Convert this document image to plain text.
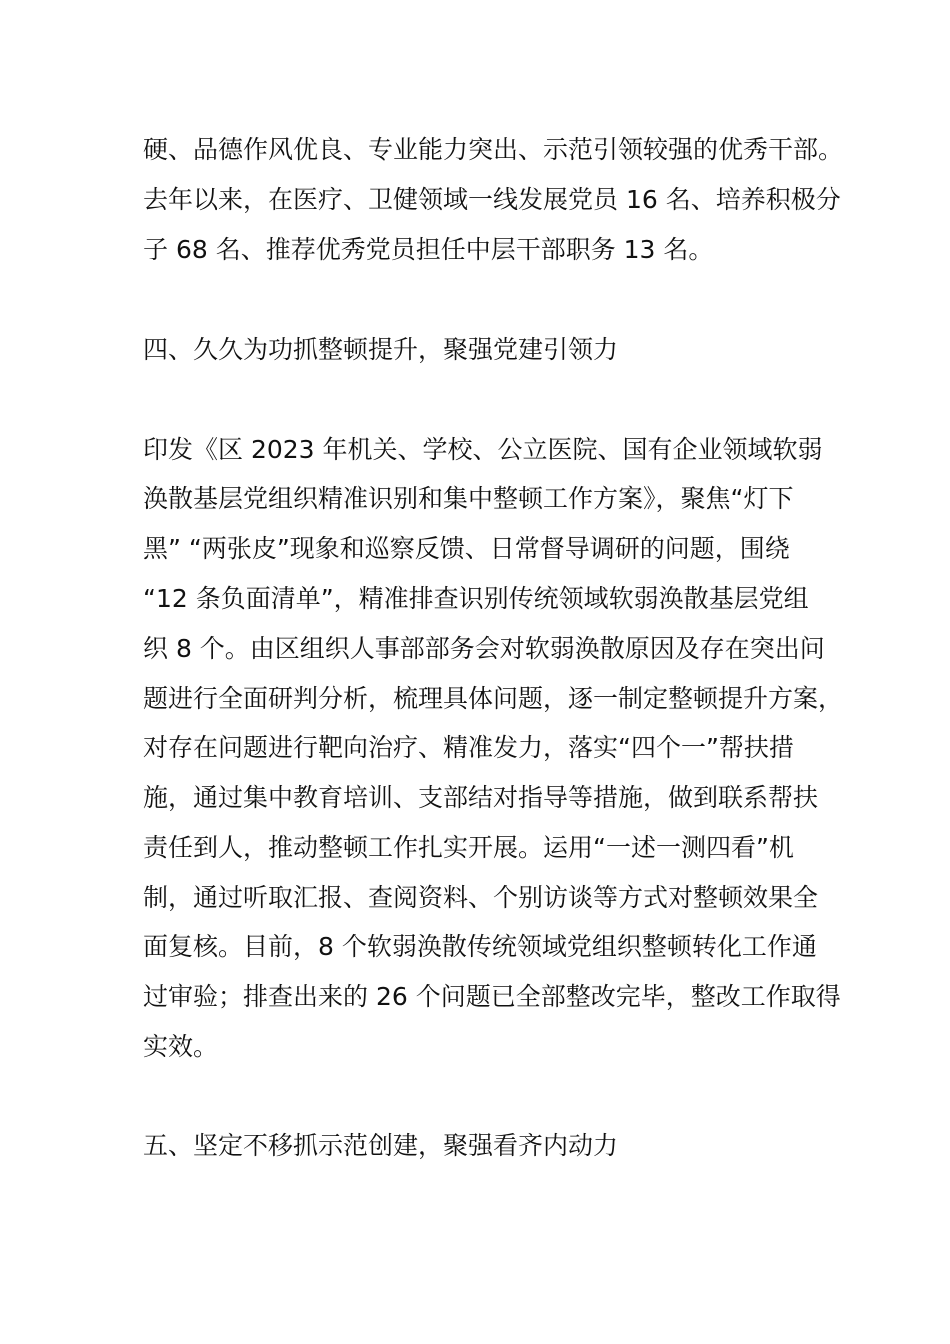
硬、品德作风优良、专业能力突出、示范引领较强的优秀干部。
去年以来，在医疗、卫健领域一线发展党员 16 名、培养积极分
子 68 名、推荐优秀党员担任中层干部职务 13 名。
四、久久为功抓整顿提升，聚强党建引领力
印发《区 2023 年机关、学校、公立医院、国有企业领域软弱
涣散基层党组织精准识别和集中整顿工作方案》，聚焦“灯下
黑” “两张皮”现象和巡察反馈、日常督导调研的问题，围绕
“12 条负面清单”，精准排查识别传统领域软弱涣散基层党组
织 8 个。由区组织人事部部务会对软弱涣散原因及存在突出问
题进行全面研判分析，梳理具体问题，逐一制定整顿提升方案，
对存在问题进行靶向治疗、精准发力，落实“四个一”帮扶措
施，通过集中教育培训、支部结对指导等措施，做到联系帮扶
责任到人，推动整顿工作扎实开展。运用“一述一测四看”机
制，通过听取汇报、查阅资料、个别访谈等方式对整顿效果全
面复核。目前，8 个软弱涣散传统领域党组织整顿转化工作通
过审验；排查出来的 26 个问题已全部整改完毕，整改工作取得
实效。
五、坚定不移抓示范创建，聚强看齐内动力
